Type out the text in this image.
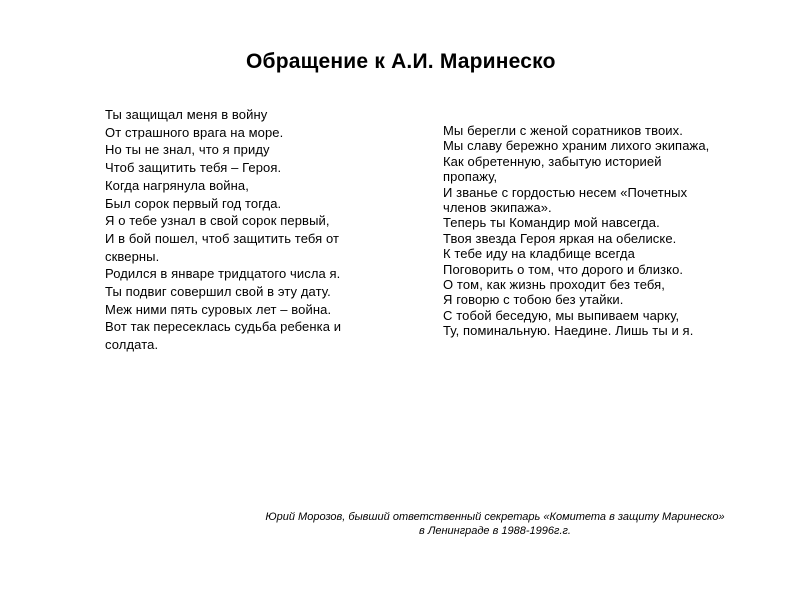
Обращение к А.И. Маринеско
Ты защищал меня в войну
От страшного врага на море.
Но ты не знал, что я приду
Чтоб защитить тебя – Героя.
Когда нагрянула война,
Был сорок первый год тогда.
Я о тебе узнал в свой сорок первый,
И в бой пошел, чтоб защитить тебя от
скверны.
Родился в январе тридцатого числа я.
Ты подвиг совершил свой в эту дату.
Меж ними пять суровых лет – война.
Вот так пересеклась судьба ребенка и
солдата.
Мы берегли с женой соратников твоих.
Мы славу бережно храним лихого экипажа,
Как обретенную, забытую историей
пропажу,
И званье с гордостью несем «Почетных
членов экипажа».
Теперь ты Командир мой навсегда.
Твоя звезда Героя яркая на обелиске.
К тебе иду на кладбище всегда
Поговорить о том, что дорого и близко.
О том, как жизнь проходит без тебя,
Я говорю с тобою без утайки.
С тобой беседую, мы выпиваем чарку,
Ту, поминальную. Наедине. Лишь ты и я.
Юрий Морозов, бывший ответственный секретарь «Комитета в защиту Маринеско»
в Ленинграде в 1988-1996г.г.
